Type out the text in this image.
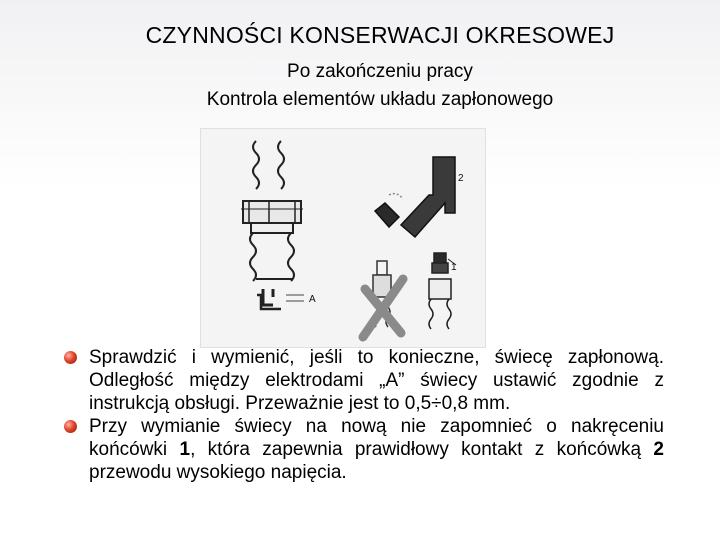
CZYNNOŚCI KONSERWACJI OKRESOWEJ
Po zakończeniu pracy
Kontrola elementów układu zapłonowego
A
2
1
Sprawdzić i wymienić, jeśli to konieczne, świecę zapłonową. Odległość między elektrodami „A” świecy ustawić zgodnie z instrukcją obsługi. Przeważnie jest to 0,5÷0,8 mm.
Przy wymianie świecy na nową nie zapomnieć o nakręceniu końcówki 1, która zapewnia prawidłowy kontakt z końcówką 2 przewodu wysokiego napięcia.
